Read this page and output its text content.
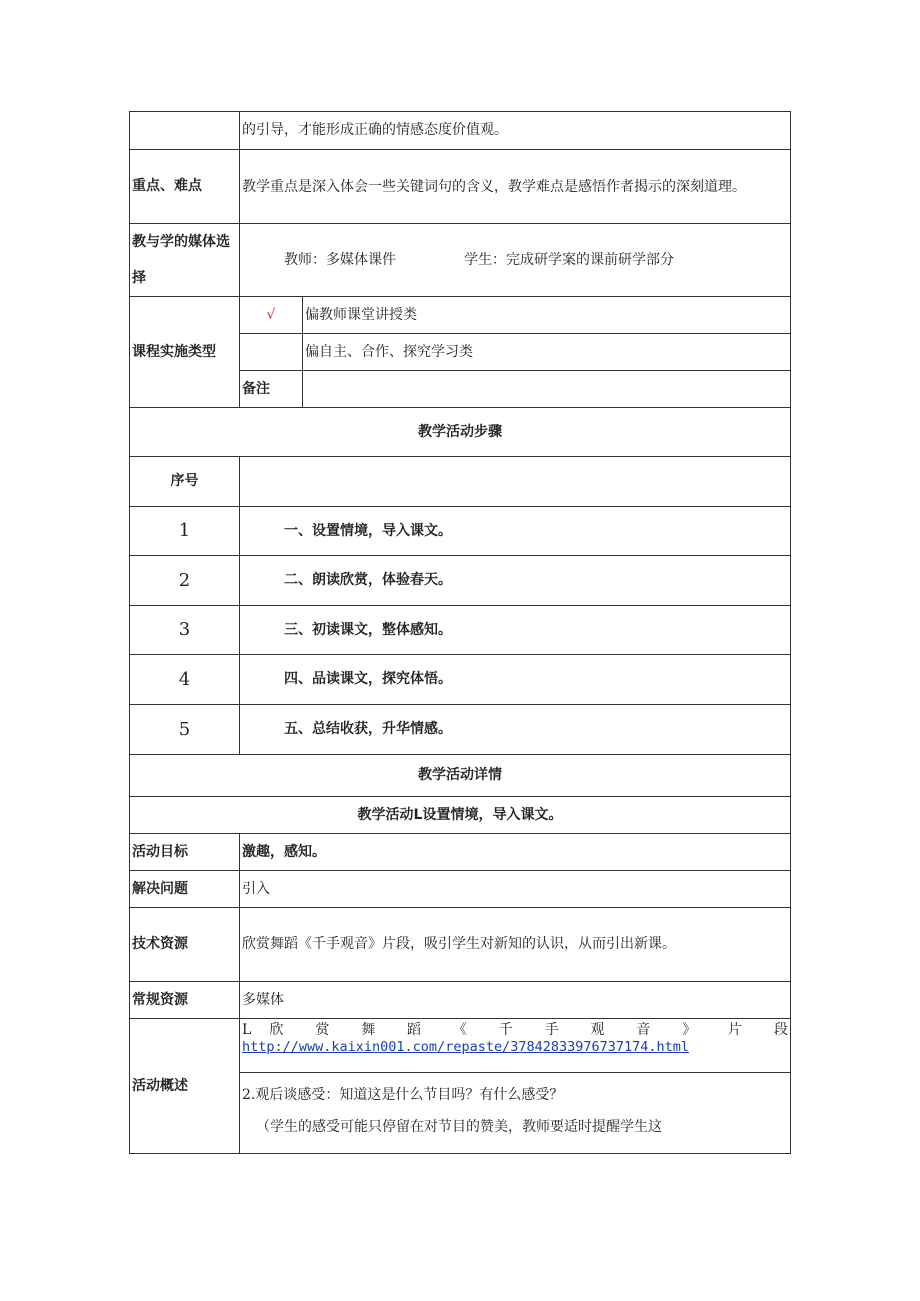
	的引导，才能形成正确的情感态度价值观。	
重点、难点	教学重点是深入体会一些关键词句的含义，教学难点是感悟作者揭示的深刻道理。	
教与学的媒体选择	教师：多媒体课件 学生：完成研学案的课前研学部分	
课程实施类型	√	偏教师课堂讲授类
		偏自主、合作、探究学习类
	备注	
教学活动步骤		
序号		
1	一、设置情境，导入课文。	
2	二、朗读欣赏，体验春天。	
3	三、初读课文，整体感知。	
4	四、品读课文，探究体悟。	
5	五、总结收获，升华情感。	
教学活动详情		
教学活动L设置情境，导入课文。		
活动目标	激趣，感知。	
解决问题	引入	
技术资源	欣赏舞蹈《千手观音》片段，吸引学生对新知的认识，从而引出新课。	
常规资源	多媒体	
活动概述	L 欣 赏 舞 蹈 《 千 手 观 音 》 片 段
http://www.kaixin001.com/repaste/37842833976737174.html	

	2.观后谈感受：知道这是什么节目吗？有什么感受？
（学生的感受可能只停留在对节目的赞美，教师要适时提醒学生这	
